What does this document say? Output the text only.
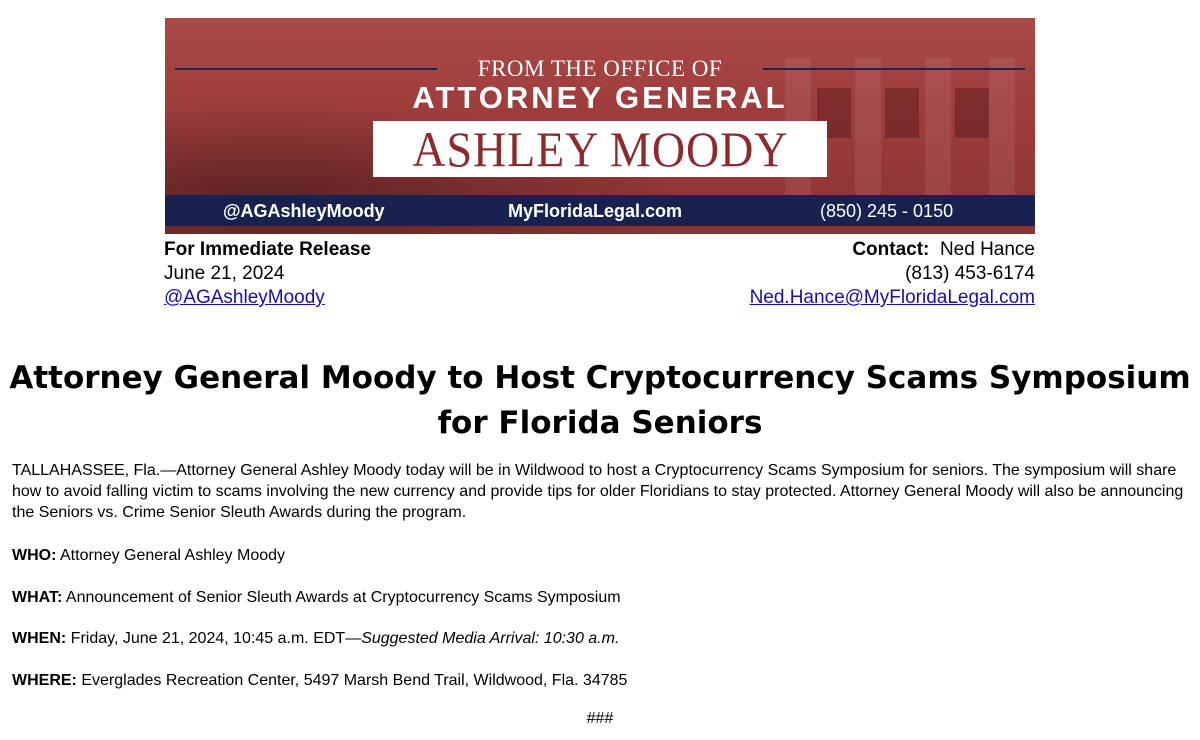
FROM THE OFFICE OF
ATTORNEY GENERAL
ASHLEY MOODY
@AGAshleyMoody	MyFloridaLegal.com	(850) 245 - 0150
For Immediate Release
June 21, 2024
@AGAshleyMoody
Contact: Ned Hance
(813) 453-6174
Ned.Hance@MyFloridaLegal.com
Attorney General Moody to Host Cryptocurrency Scams Symposium for Florida Seniors

TALLAHASSEE, Fla.—Attorney General Ashley Moody today will be in Wildwood to host a Cryptocurrency Scams Symposium for seniors. The symposium will share how to avoid falling victim to scams involving the new currency and provide tips for older Floridians to stay protected. Attorney General Moody will also be announcing the Seniors vs. Crime Senior Sleuth Awards during the program.

WHO: Attorney General Ashley Moody
WHAT: Announcement of Senior Sleuth Awards at Cryptocurrency Scams Symposium
WHEN: Friday, June 21, 2024, 10:45 a.m. EDT—Suggested Media Arrival: 10:30 a.m.
WHERE: Everglades Recreation Center, 5497 Marsh Bend Trail, Wildwood, Fla. 34785
###
